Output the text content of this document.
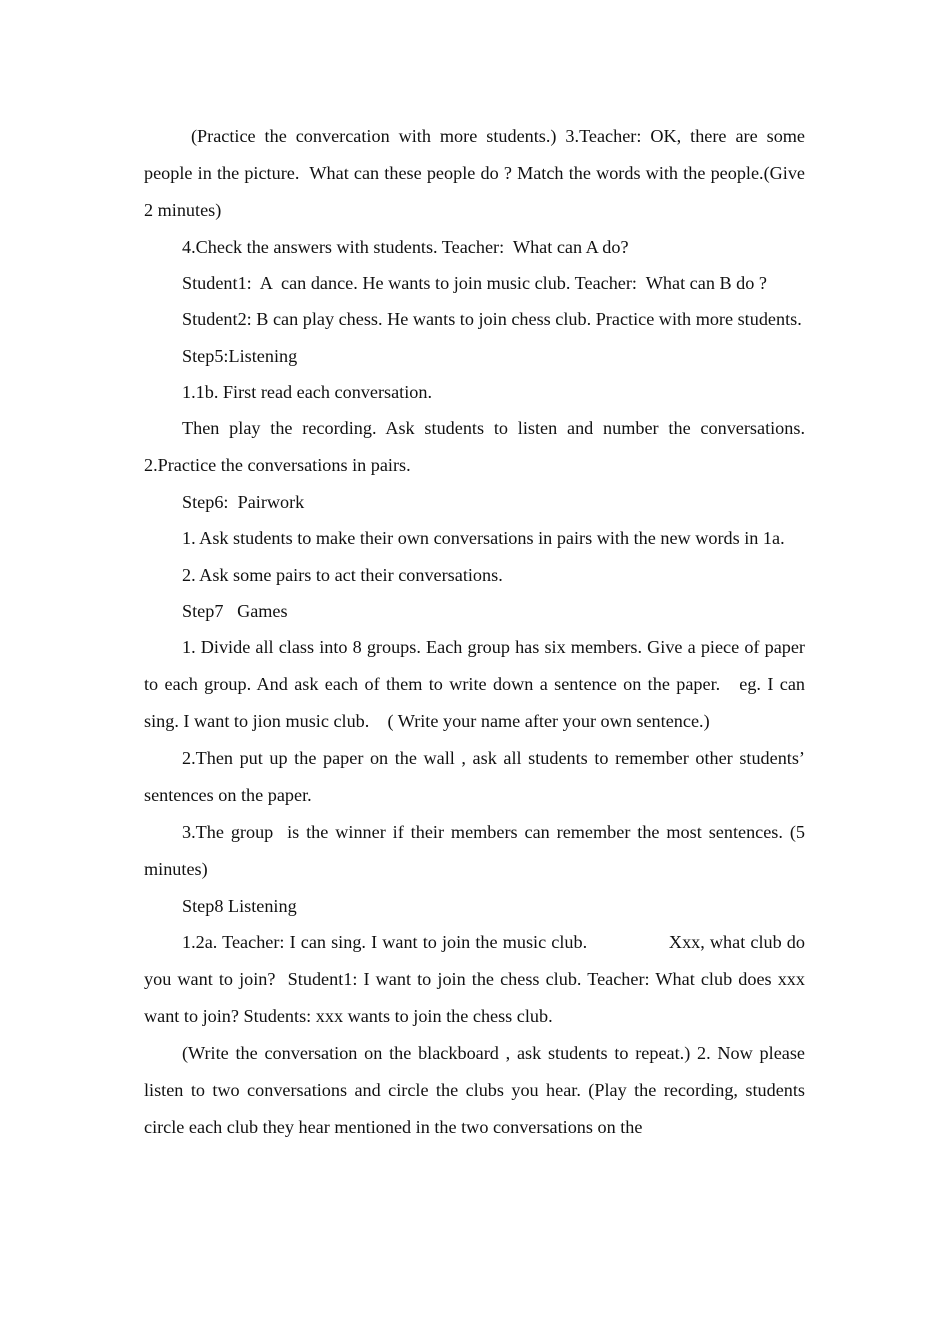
(Practice the convercation with more students.) 3.Teacher: OK, there are some people in the picture.  What can these people do ? Match the words with the people.(Give 2 minutes)

4.Check the answers with students. Teacher:  What can A do?

Student1:  A  can dance. He wants to join music club. Teacher:  What can B do ?

Student2: B can play chess. He wants to join chess club. Practice with more students.

Step5:Listening

1.1b. First read each conversation.

Then play the recording. Ask students to listen and number the conversations. 2.Practice the conversations in pairs.

Step6:  Pairwork

1. Ask students to make their own conversations in pairs with the new words in 1a.

2. Ask some pairs to act their conversations.

Step7   Games

1. Divide all class into 8 groups. Each group has six members. Give a piece of paper to each group. And ask each of them to write down a sentence on the paper.   eg. I can sing. I want to jion music club.    ( Write your name after your own sentence.)

2.Then put up the paper on the wall , ask all students to remember other students’ sentences on the paper.

3.The group  is the winner if their members can remember the most sentences. (5 minutes)

Step8 Listening

1.2a. Teacher: I can sing. I want to join the music club.                Xxx, what club do you want to join?  Student1: I want to join the chess club. Teacher: What club does xxx want to join? Students: xxx wants to join the chess club.

(Write the conversation on the blackboard , ask students to repeat.) 2. Now please listen to two conversations and circle the clubs you hear. (Play the recording, students circle each club they hear mentioned in the two conversations on the
